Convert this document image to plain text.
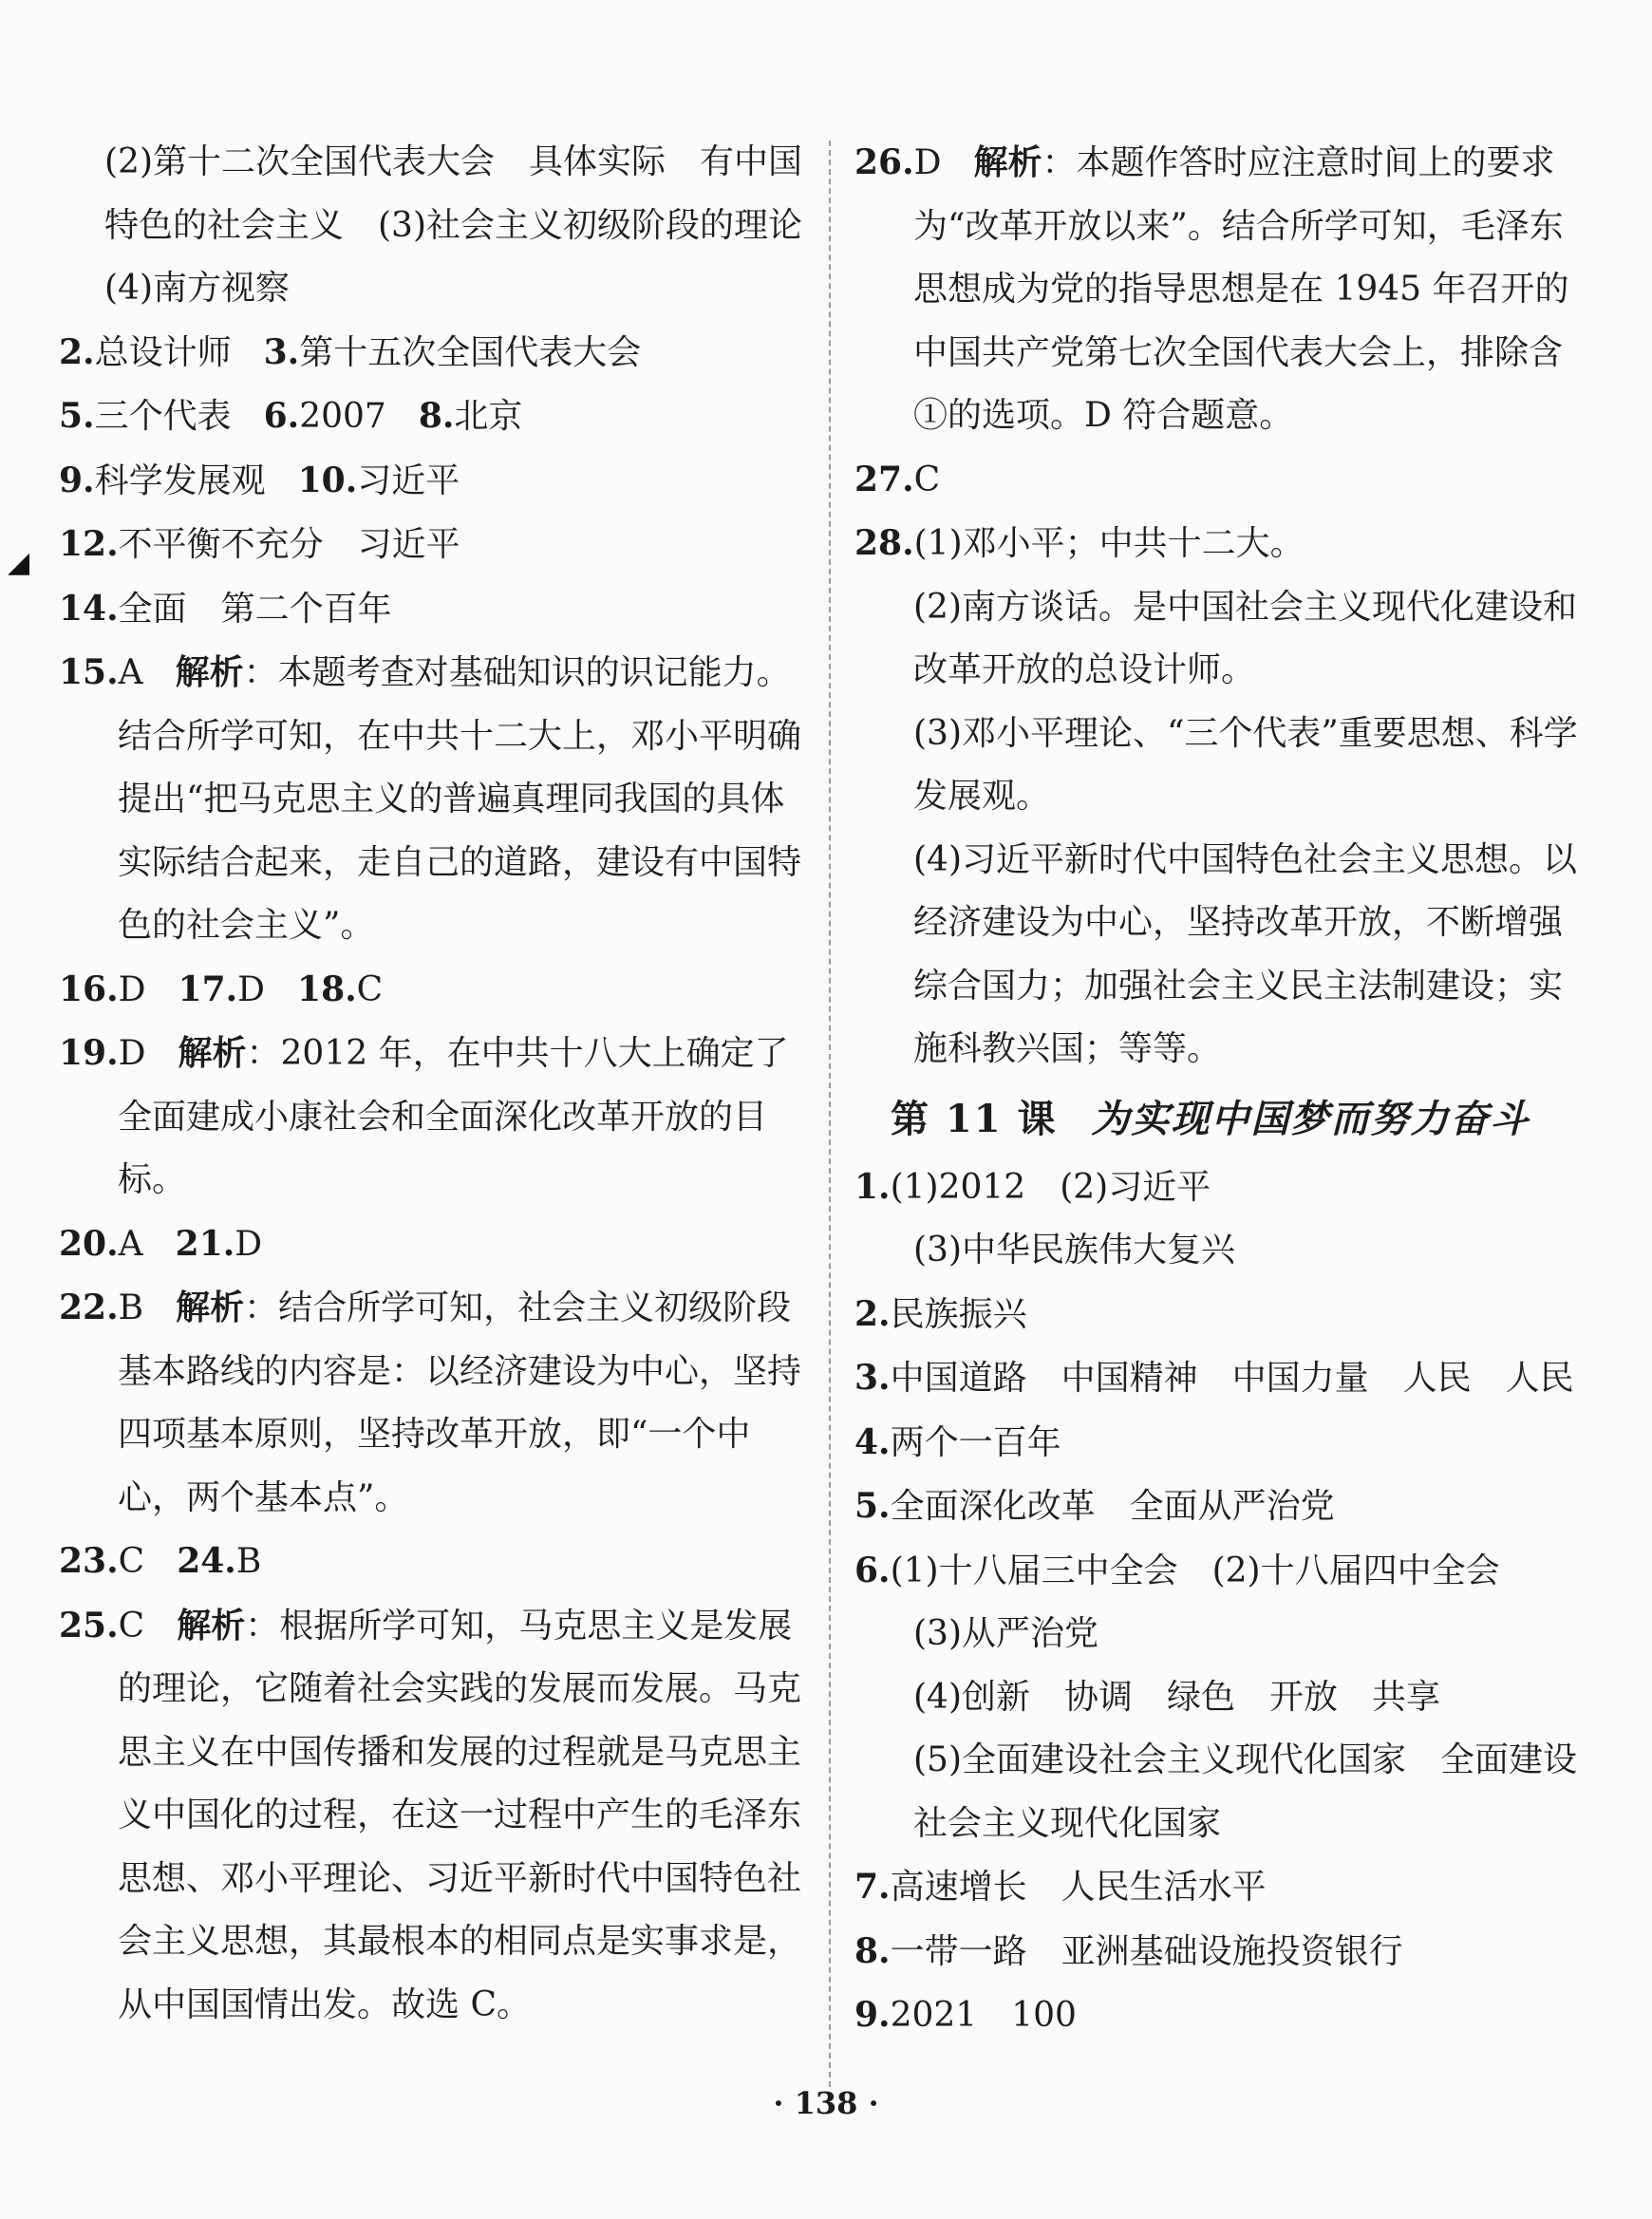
(2)第十二次全国代表大会　具体实际　有中国特色的社会主义　(3)社会主义初级阶段的理论　(4)南方视察

2.总设计师 3.第十五次全国代表大会

5.三个代表 6.2007 8.北京

9.科学发展观 10.习近平

12.不平衡不充分　习近平

14.全面　第二个百年

15.A 解析：本题考查对基础知识的识记能力。结合所学可知，在中共十二大上，邓小平明确提出“把马克思主义的普遍真理同我国的具体实际结合起来，走自己的道路，建设有中国特色的社会主义”。

16.D 17.D 18.C

19.D 解析：2012 年，在中共十八大上确定了全面建成小康社会和全面深化改革开放的目标。

20.A 21.D

22.B 解析：结合所学可知，社会主义初级阶段基本路线的内容是：以经济建设为中心，坚持四项基本原则，坚持改革开放，即“一个中心，两个基本点”。

23.C 24.B

25.C 解析：根据所学可知，马克思主义是发展的理论，它随着社会实践的发展而发展。马克思主义在中国传播和发展的过程就是马克思主义中国化的过程，在这一过程中产生的毛泽东思想、邓小平理论、习近平新时代中国特色社会主义思想，其最根本的相同点是实事求是，从中国国情出发。故选 C。

26.D 解析：本题作答时应注意时间上的要求为“改革开放以来”。结合所学可知，毛泽东思想成为党的指导思想是在 1945 年召开的中国共产党第七次全国代表大会上，排除含①的选项。D 符合题意。

27.C

28.(1)邓小平；中共十二大。

(2)南方谈话。是中国社会主义现代化建设和改革开放的总设计师。

(3)邓小平理论、“三个代表”重要思想、科学发展观。

(4)习近平新时代中国特色社会主义思想。以经济建设为中心，坚持改革开放，不断增强综合国力；加强社会主义民主法制建设；实施科教兴国；等等。

第 11 课 为实现中国梦而努力奋斗

1.(1)2012　(2)习近平

(3)中华民族伟大复兴

2.民族振兴

3.中国道路　中国精神　中国力量　人民　人民

4.两个一百年

5.全面深化改革　全面从严治党

6.(1)十八届三中全会　(2)十八届四中全会

(3)从严治党

(4)创新　协调　绿色　开放　共享

(5)全面建设社会主义现代化国家　全面建设社会主义现代化国家

7.高速增长　人民生活水平

8.一带一路　亚洲基础设施投资银行

9.2021　100

· 138 ·
◢
